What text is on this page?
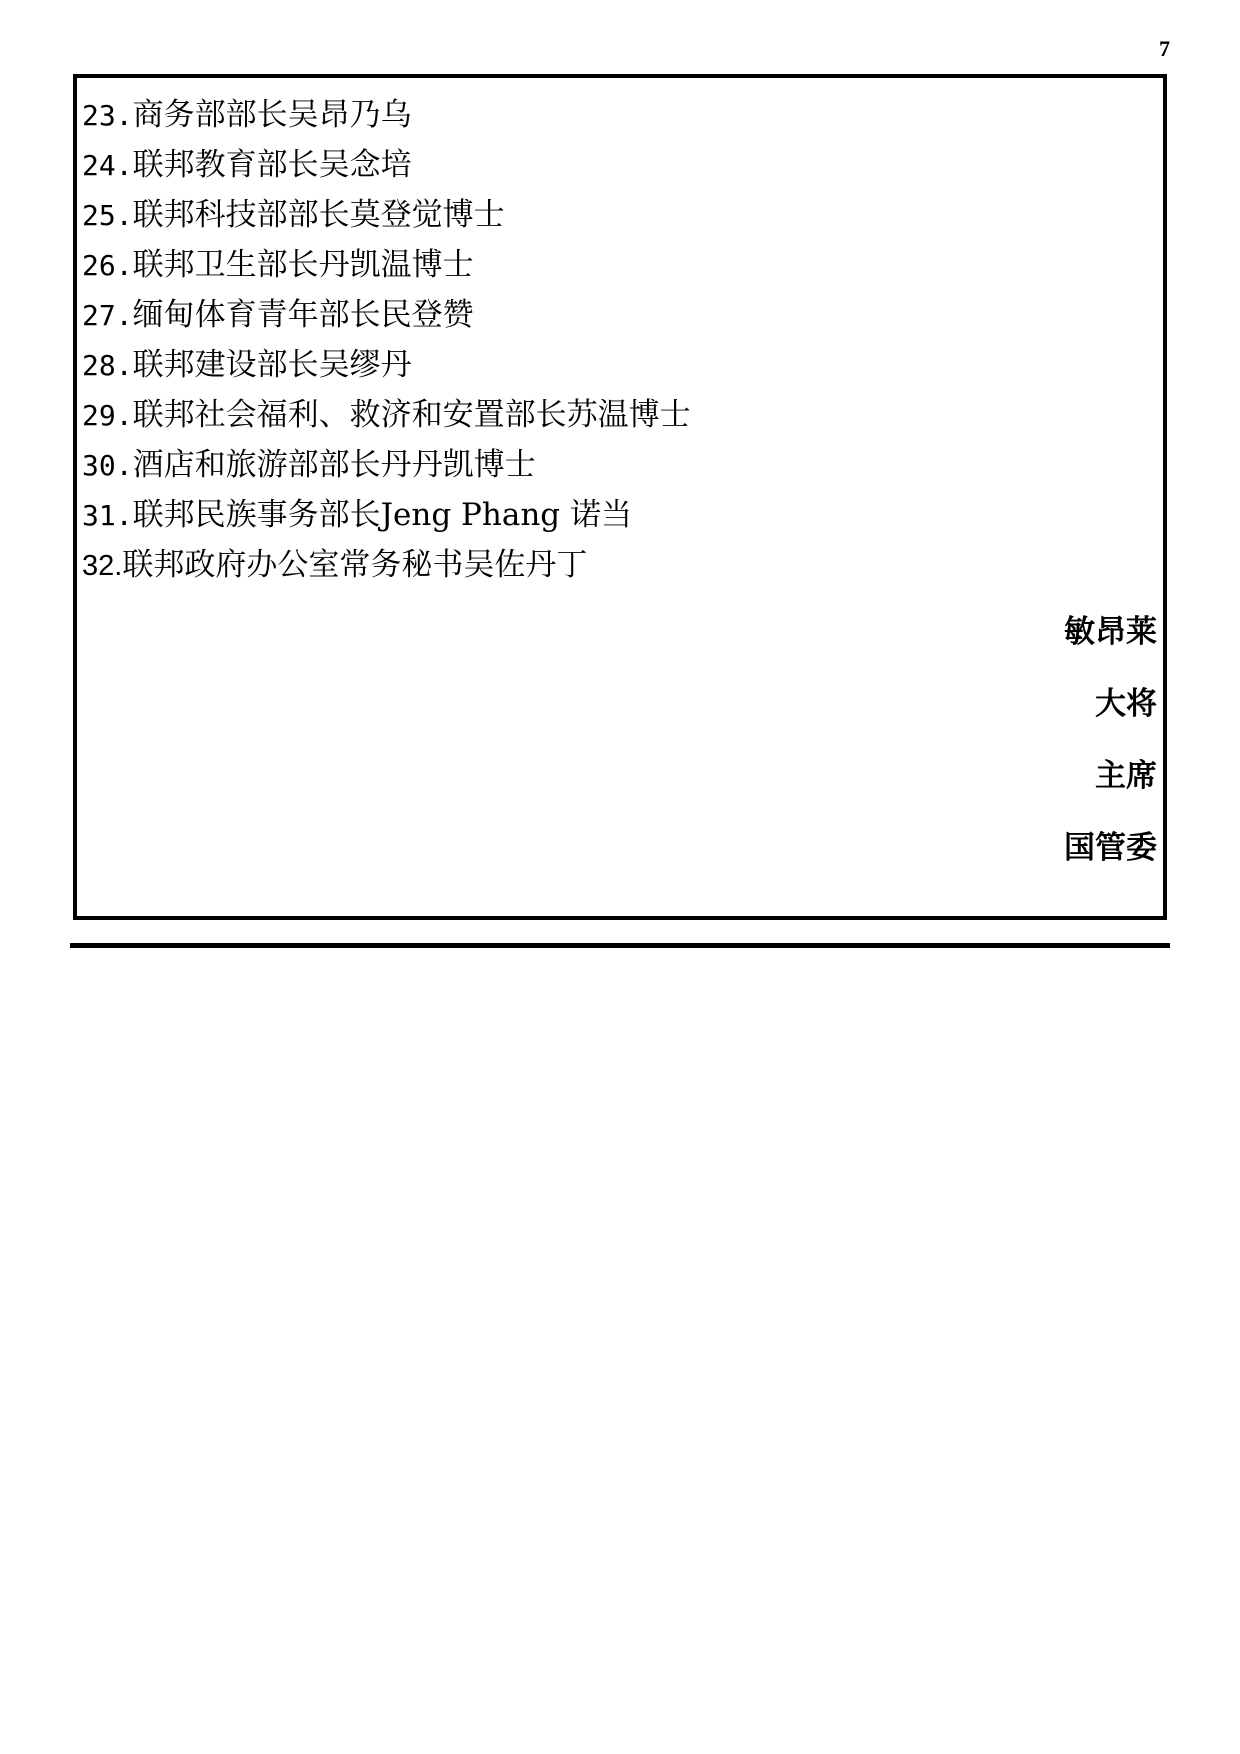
7
23.商务部部长吴昂乃乌
24.联邦教育部长吴念培
25.联邦科技部部长莫登觉博士
26.联邦卫生部长丹凯温博士
27.缅甸体育青年部长民登赞
28.联邦建设部长吴缪丹
29.联邦社会福利、救济和安置部长苏温博士
30.酒店和旅游部部长丹丹凯博士
31.联邦民族事务部长Jeng Phang 诺当
32.联邦政府办公室常务秘书吴佐丹丁
敏昂莱
大将
主席
国管委
